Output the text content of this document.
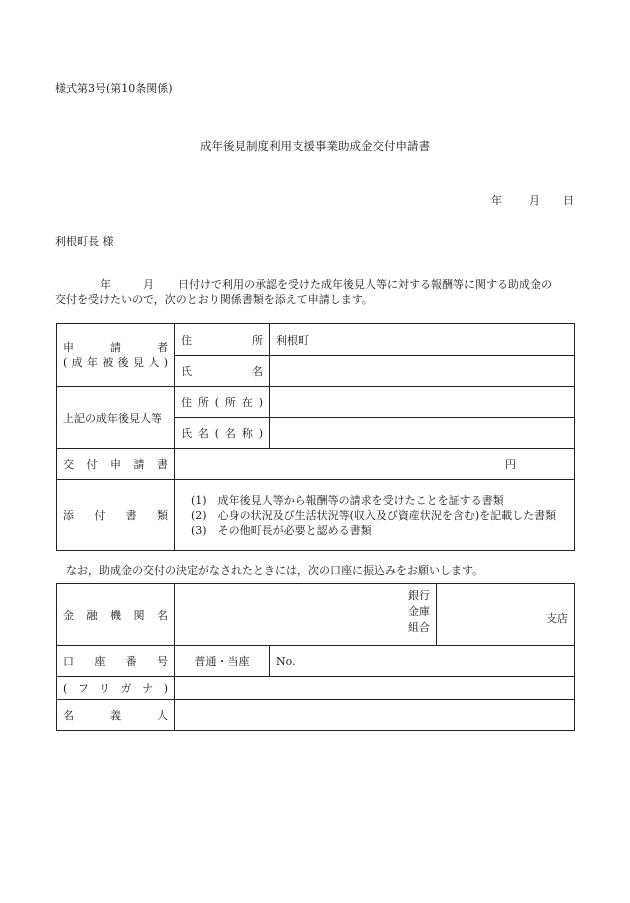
様式第3号(第10条関係)
成年後見制度利用支援事業助成金交付申請書
年 月 日
利根町長 様
年	月 日付けで利用の承認を受けた成年後見人等に対する報酬等に関する助成金の
交付を受けたいので，次のとおり関係書類を添えて申請します。
申　請　者
(成年被後見人)	住　　所	利根町
	氏　　名	
上記の成年後見人等	住所(所在)	
	氏名(名称)	
交付申請書	円	
添付書類	(1)　成年後見人等から報酬等の請求を受けたことを証する書類
(2)　心身の状況及び生活状況等(収入及び資産状況を含む)を記載した書類
(3)　その他町長が必要と認める書類	
なお，助成金の交付の決定がなされたときには，次の口座に振込みをお願いします。
金融機関名	銀行
金庫
組合		支店
口座番号	普通・当座	No.	
(フリガナ)			
名義人			
